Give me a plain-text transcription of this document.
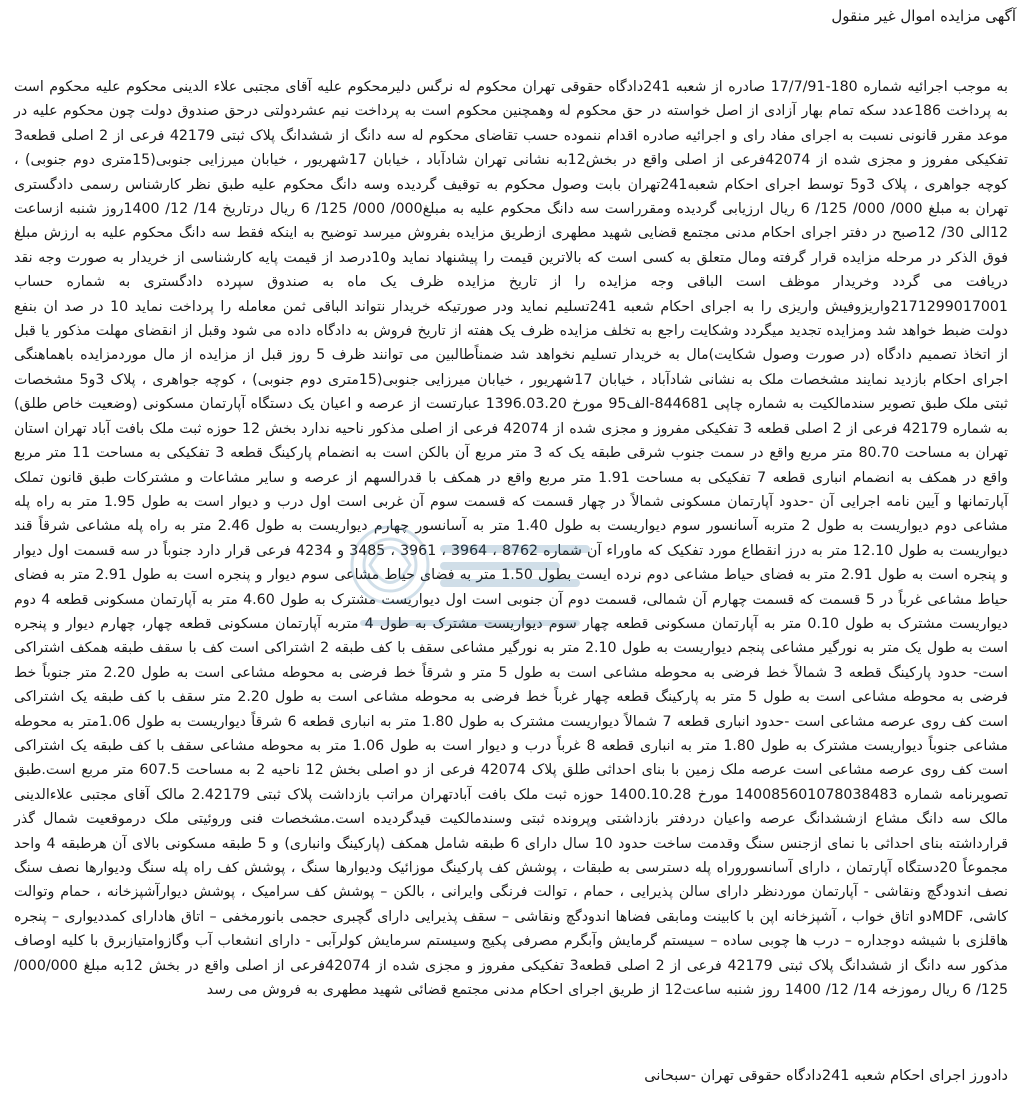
آگهی مزایده اموال غیر منقول

به موجب اجرائیه شماره 180-17/7/91 صادره از شعبه 241دادگاه حقوقی تهران محکوم له نرگس دلیرمحکوم علیه آقای مجتبی علاء الدینی محکوم علیه محکوم است به پرداخت 186عدد سکه تمام بهار آزادی از اصل خواسته در حق محکوم له وهمچنین محکوم است به پرداخت نیم عشردولتی درحق صندوق دولت چون محکوم علیه در موعد مقرر قانونی نسبت به اجرای مفاد رای و اجرائیه صادره اقدام ننموده حسب تقاضای محکوم له سه دانگ از ششدانگ پلاک ثبتی 42179 فرعی از 2 اصلی قطعه3 تفکیکی مفروز و مجزی شده از 42074فرعی از اصلی واقع در بخش12به نشانی تهران شادآباد ، خیابان 17شهریور ، خیابان میرزایی جنوبی(15متری دوم جنوبی) ، کوچه جواهری ، پلاک 3و5 توسط اجرای احکام شعبه241تهران بابت وصول محکوم به توقیف گردیده وسه دانگ محکوم علیه طبق نظر کارشناس رسمی دادگستری تهران به مبلغ 000/ 000/ 125/ 6 ریال ارزیابی گردیده ومقرراست سه دانگ محکوم علیه به مبلغ000/ 000/ 125/ 6 ریال درتاریخ 14/ 12/ 1400روز شنبه ازساعت 12الی 30/ 12صبح در دفتر اجرای احکام مدنی مجتمع قضایی شهید مطهری ازطریق مزایده بفروش میرسد توضیح به اینکه فقط سه دانگ محکوم علیه به ارزش مبلغ فوق الذکر در مرحله مزایده قرار گرفته ومال متعلق به کسی است که بالاترین قیمت را پیشنهاد نماید و10درصد از قیمت پایه کارشناسی از خریدار به صورت وجه نقد دریافت می گردد وخریدار موظف است الباقی وجه مزایده را از تاریخ مزایده ظرف یک ماه به صندوق سپرده دادگستری به شماره حساب 2171299017001واریزوفیش واریزی را به اجرای احکام شعبه 241تسلیم نماید ودر صورتیکه خریدار نتواند الباقی ثمن معامله را پرداخت نماید 10 در صد ان بنفع دولت ضبط خواهد شد ومزایده تجدید میگردد وشکایت راجع به تخلف مزایده ظرف یک هفته از تاریخ فروش به دادگاه داده می شود وقبل از انقضای مهلت مذکور یا قبل از اتخاذ تصمیم دادگاه (در صورت وصول شکایت)مال به خریدار تسلیم نخواهد شد ضمناًطالبین می توانند ظرف 5 روز قبل از مزایده از مال موردمزایده باهماهنگی اجرای احکام بازدید نمایند مشخصات ملک به نشانی شادآباد ، خیابان 17شهریور ، خیابان میرزایی جنوبی(15متری دوم جنوبی) ، کوچه جواهری ، پلاک 3و5 مشخصات ثبتی ملک طبق تصویر سندمالکیت به شماره چاپی 844681-الف95 مورخ 1396.03.20 عبارتست از عرصه و اعیان یک دستگاه آپارتمان مسکونی (وضعیت خاص طلق) به شماره 42179 فرعی از 2 اصلی قطعه 3 تفکیکی مفروز و مجزی شده از 42074 فرعی از اصلی مذکور ناحیه ندارد بخش 12 حوزه ثبت ملک بافت آباد تهران استان تهران به مساحت 80.70 متر مربع واقع در سمت جنوب شرقی طبقه یک که 3 متر مربع آن بالکن است به انضمام پارکینگ قطعه 3 تفکیکی به مساحت 11 متر مربع واقع در همکف به انضمام انباری قطعه 7 تفکیکی به مساحت 1.91 متر مربع واقع در همکف با قدرالسهم از عرصه و سایر مشاعات و مشترکات طبق قانون تملک آپارتمانها و آیین نامه اجرایی آن -حدود آپارتمان مسکونی شمالاً در چهار قسمت که قسمت سوم آن غربی است اول درب و دیوار است به طول 1.95 متر به راه پله مشاعی دوم دیواریست به طول 2 متربه آسانسور سوم دیواریست به طول 1.40 متر به آسانسور چهارم دیواریست به طول 2.46 متر به راه پله مشاعی شرقاً قند دیواریست به طول 12.10 متر به درز انقطاع مورد تفکیک که ماوراء آن شماره 8762 ، 3964 ، 3961 ، 3485 و 4234 فرعی قرار دارد جنوباً در سه قسمت اول دیوار و پنجره است به طول 2.91 متر به فضای حیاط مشاعی دوم نرده ایست بطول 1.50 متر به فضای حیاط مشاعی سوم دیوار و پنجره است به طول 2.91 متر به فضای حیاط مشاعی غرباً در 5 قسمت که قسمت چهارم آن شمالی، قسمت دوم آن جنوبی است اول دیواریست مشترک به طول 4.60 متر به آپارتمان مسکونی قطعه 4 دوم دیواریست مشترک به طول 0.10 متر به آپارتمان مسکونی قطعه چهار سوم دیواریست مشترک به طول 4 متربه آپارتمان مسکونی قطعه چهار، چهارم دیوار و پنجره است به طول یک متر به نورگیر مشاعی پنجم دیواریست به طول 2.10 متر به نورگیر مشاعی سقف با کف طبقه 2 اشتراکی است کف با سقف طبقه همکف اشتراکی است- حدود پارکینگ قطعه 3 شمالاً خط فرضی به محوطه مشاعی است به طول 5 متر و شرقاً خط فرضی به محوطه مشاعی است به طول 2.20 متر جنوباً خط فرضی به محوطه مشاعی است به طول 5 متر به پارکینگ قطعه چهار غرباً خط فرضی به محوطه مشاعی است به طول 2.20 متر سقف با کف طبقه یک اشتراکی است کف روی عرصه مشاعی است -حدود انباری قطعه 7 شمالاً دیواریست مشترک به طول 1.80 متر به انباری قطعه 6 شرقاً دیواریست به طول 1.06متر به محوطه مشاعی جنوباً دیواریست مشترک به طول 1.80 متر به انباری قطعه 8 غرباً درب و دیوار است به طول 1.06 متر به محوطه مشاعی سقف با کف طبقه یک اشتراکی است کف روی عرصه مشاعی است عرصه ملک زمین با بنای احداثی طلق پلاک 42074 فرعی از دو اصلی بخش 12 ناحیه 2 به مساحت 607.5 متر مربع است.طبق تصویرنامه شماره 14008560107803848​3 مورخ 1400.10.28 حوزه ثبت ملک بافت آبادتهران مراتب بازداشت پلاک ثبتی 2.42179 مالک آقای مجتبی علاءالدینی مالک سه دانگ مشاع ازششدانگ عرصه واعیان دردفتر بازداشتی وپرونده ثبتی وسندمالکیت قیدگردیده است.مشخصات فنی وروئیتی ملک درموقعیت شمال گذر قرارداشته بنای احداثی با نمای ازجنس سنگ وقدمت ساخت حدود 10 سال دارای 6 طبقه شامل همکف (پارکینگ وانباری) و 5 طبقه مسکونی بالای آن هرطبقه 4 واحد مجموعاً 20دستگاه آپارتمان ، دارای آسانسوروراه پله دسترسی به طبقات ، پوشش کف پارکینگ موزائیک ودیوارها سنگ ، پوشش کف راه پله سنگ ودیوارها نصف سنگ نصف اندودگچ ونقاشی - آپارتمان موردنظر دارای سالن پذیرایی ، حمام ، توالت فرنگی وایرانی ، بالکن – پوشش کف سرامیک ، پوشش دیوارآشپزخانه ، حمام وتوالت کاشی، MDFدو اتاق خواب ، آشپزخانه اپن با کابینت ومابقی فضاها اندودگچ ونقاشی – سقف پذیرایی دارای گچبری حجمی بانورمخفی – اتاق هادارای کمددیواری – پنجره هاقلزی با شیشه دوجداره – درب ها چوبی ساده – سیستم گرمایش وآبگرم مصرفی پکیج وسیستم سرمایش کولرآبی - دارای انشعاب آب وگازوامتیازبرق با کلیه اوصاف مذکور سه دانگ از ششدانگ پلاک ثبتی 42179 فرعی از 2 اصلی قطعه3 تفکیکی مفروز و مجزی شده از 42074فرعی از اصلی واقع در بخش 12به مبلغ 000/000/ 125/ 6 ریال رموزخه 14/ 12/ 1400 روز شنبه ساعت12 از طریق اجرای احکام مدنی مجتمع قضائی شهید مطهری به فروش می رسد

دادورز اجرای احکام شعبه 241دادگاه حقوقی تهران -سبحانی
